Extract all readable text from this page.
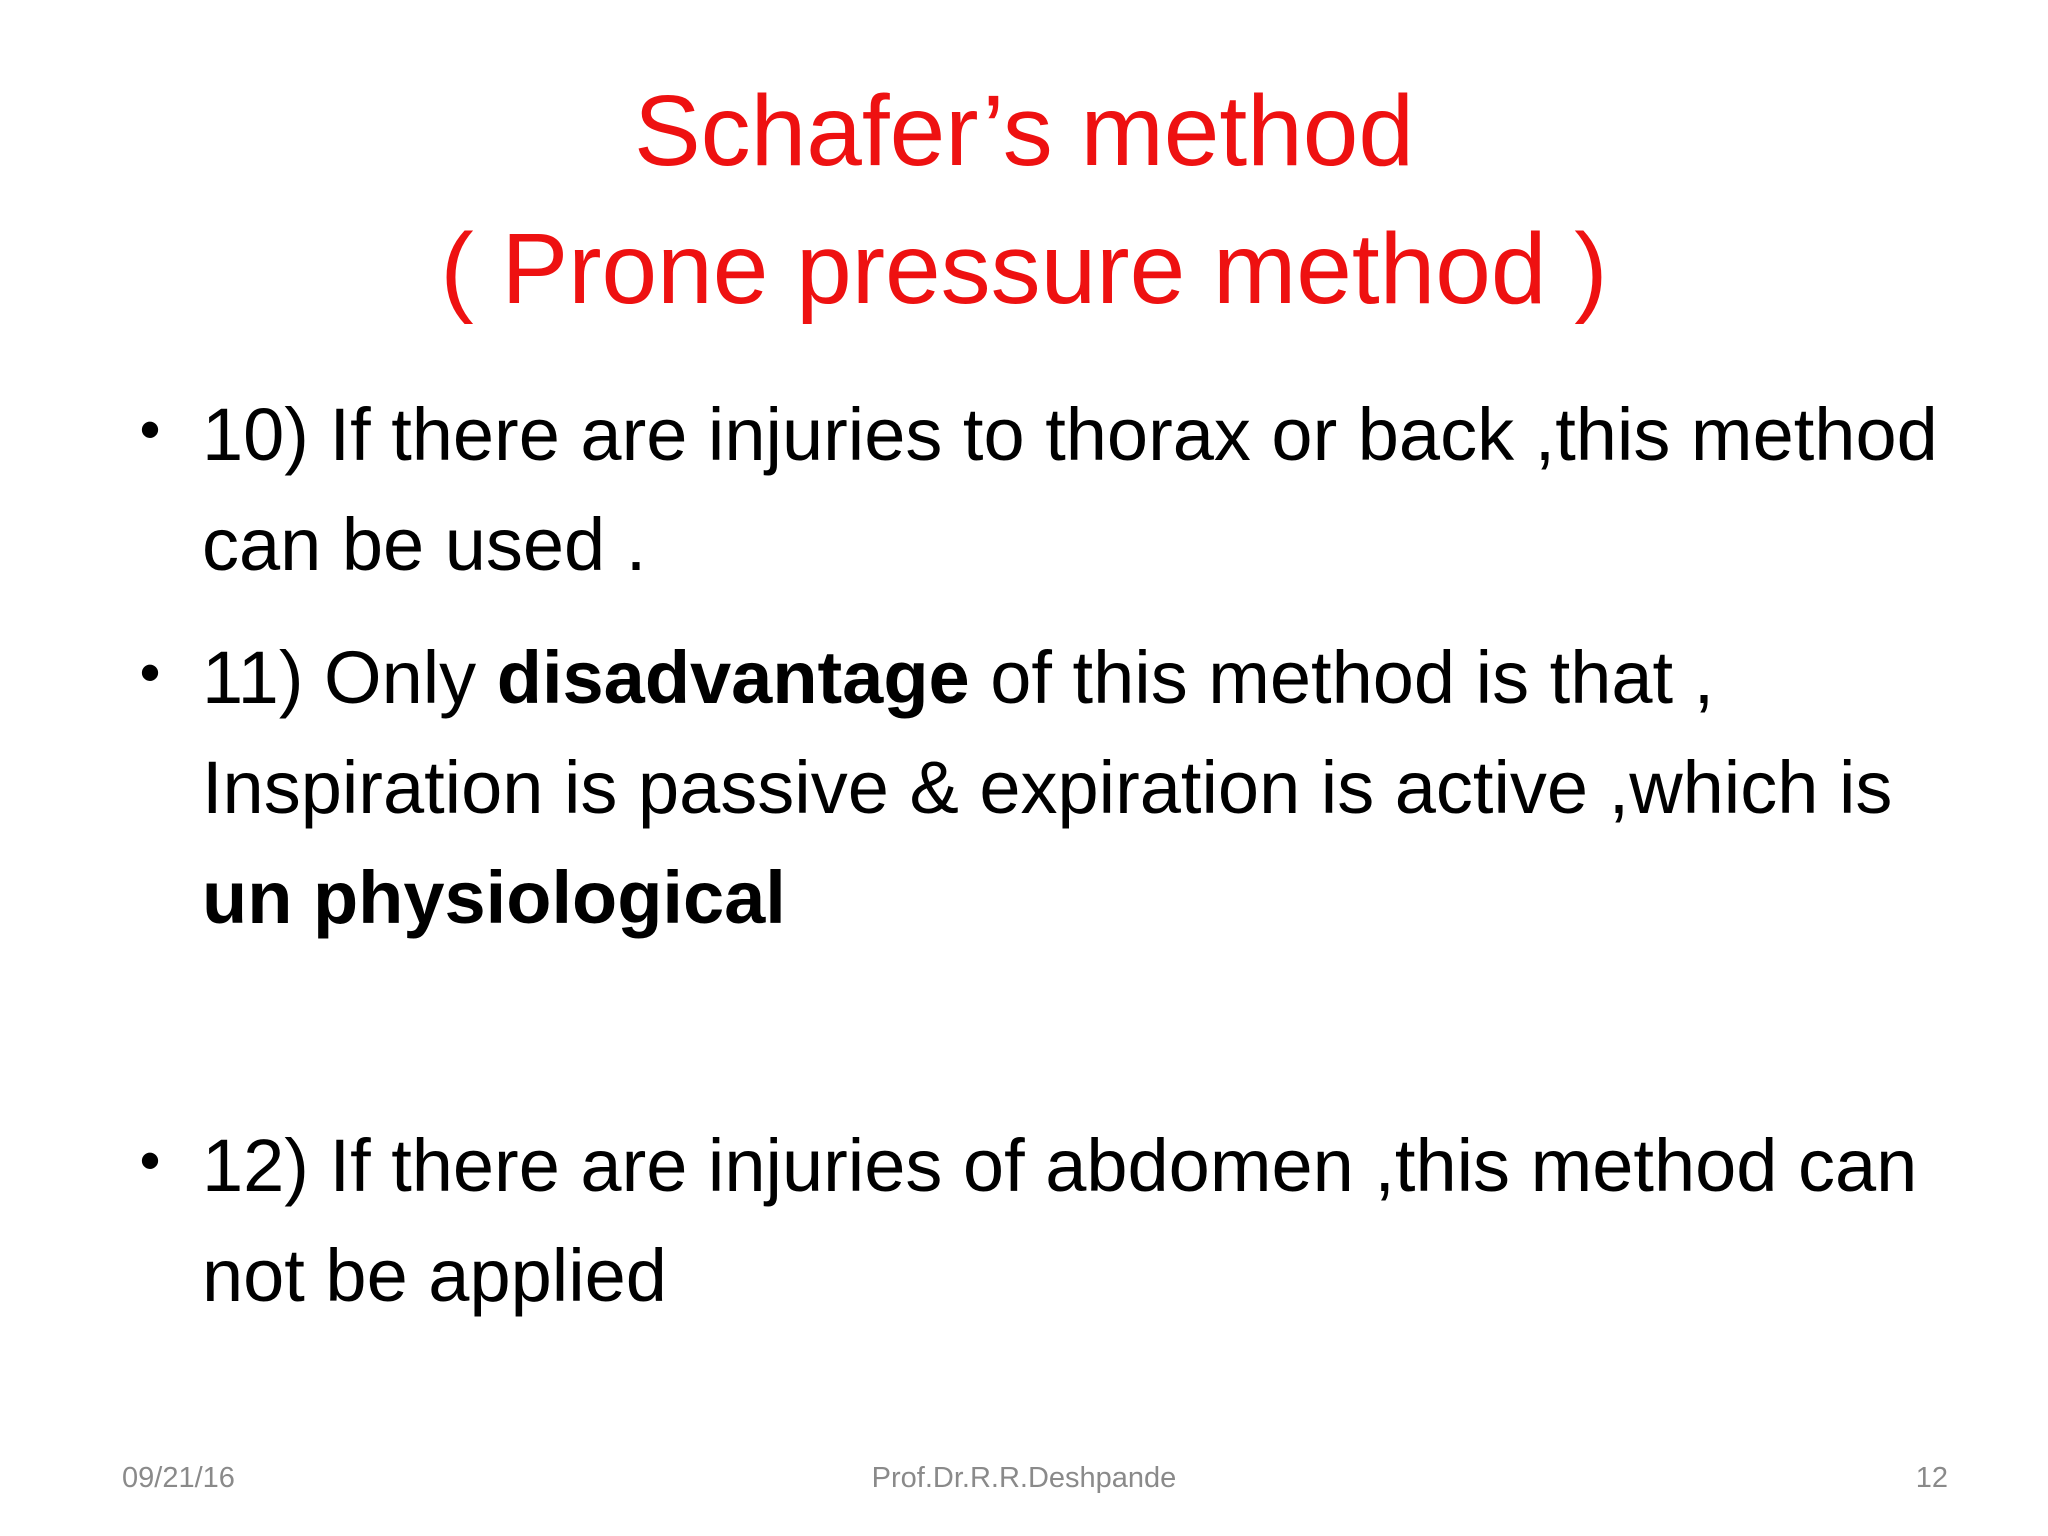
Schafer’s method
( Prone pressure method )
• 10) If there are injuries to thorax or back ,this method can be used .
• 11) Only disadvantage of this method is that , Inspiration is passive & expiration is active ,which is un physiological
• 12) If there are injuries of abdomen ,this method can not be applied
09/21/16	Prof.Dr.R.R.Deshpande	12
